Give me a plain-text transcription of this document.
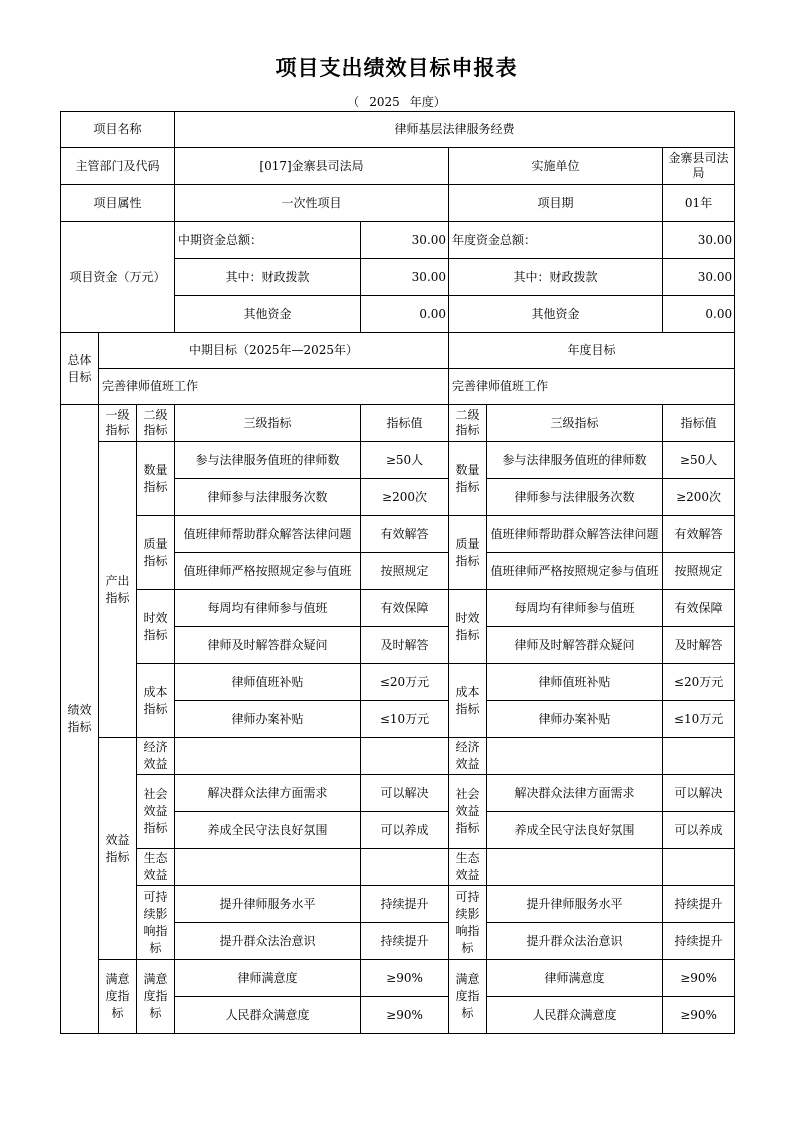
项目支出绩效目标申报表
（ 2025 年度）
项目名称			律师基层法律服务经费				
主管部门及代码			[017]金寨县司法局		实施单位		金寨县司法局
项目属性			一次性项目		项目期		01年
项目资金（万元）			中期资金总额：	30.00	年度资金总额：		30.00
			其中：财政拨款	30.00	其中：财政拨款		30.00
			其他资金	0.00	其他资金		0.00
总体目标	中期目标（2025年—2025年）				年度目标		
	完善律师值班工作				完善律师值班工作		
绩效指标	一级指标	二级指标	三级指标	指标值	二级指标	三级指标	指标值
	产出指标	数量指标	参与法律服务值班的律师数	≥50人	数量指标	参与法律服务值班的律师数	≥50人
			律师参与法律服务次数	≥200次		律师参与法律服务次数	≥200次
		质量指标	值班律师帮助群众解答法律问题	有效解答	质量指标	值班律师帮助群众解答法律问题	有效解答
			值班律师严格按照规定参与值班	按照规定		值班律师严格按照规定参与值班	按照规定
		时效指标	每周均有律师参与值班	有效保障	时效指标	每周均有律师参与值班	有效保障
			律师及时解答群众疑问	及时解答		律师及时解答群众疑问	及时解答
		成本指标	律师值班补贴	≤20万元	成本指标	律师值班补贴	≤20万元
			律师办案补贴	≤10万元		律师办案补贴	≤10万元
	效益指标	经济效益			经济效益		
		社会效益指标	解决群众法律方面需求	可以解决	社会效益指标	解决群众法律方面需求	可以解决
			养成全民守法良好氛围	可以养成		养成全民守法良好氛围	可以养成
		生态效益			生态效益		
		可持续影响指标	提升律师服务水平	持续提升	可持续影响指标	提升律师服务水平	持续提升
			提升群众法治意识	持续提升		提升群众法治意识	持续提升
	满意度指标	满意度指标	律师满意度	≥90%	满意度指标	律师满意度	≥90%
			人民群众满意度	≥90%		人民群众满意度	≥90%
